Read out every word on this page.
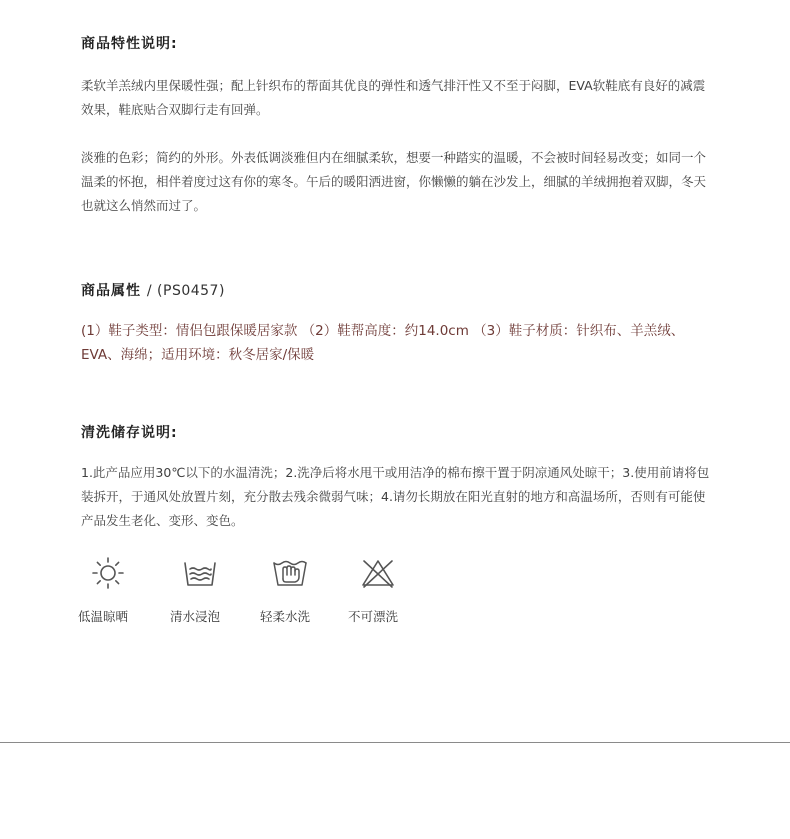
商品特性说明:

柔软羊羔绒内里保暖性强；配上针织布的帮面其优良的弹性和透气排汗性又不至于闷脚，EVA软鞋底有良好的减震效果，鞋底贴合双脚行走有回弹。

淡雅的色彩；简约的外形。外表低调淡雅但内在细腻柔软，想要一种踏实的温暖，不会被时间轻易改变；如同一个温柔的怀抱，相伴着度过这有你的寒冬。午后的暖阳洒进窗，你懒懒的躺在沙发上，细腻的羊绒拥抱着双脚，冬天也就这么悄然而过了。

商品属性 / (PS0457)

(1）鞋子类型：情侣包跟保暖居家款 （2）鞋帮高度：约14.0cm （3）鞋子材质：针织布、羊羔绒、EVA、海绵；适用环境：秋冬居家/保暖

清洗储存说明:

1.此产品应用30℃以下的水温清洗；2.洗净后将水甩干或用洁净的棉布擦干置于阴凉通风处晾干；3.使用前请将包装拆开，于通风处放置片刻，充分散去残余微弱气味；4.请勿长期放在阳光直射的地方和高温场所，否则有可能使产品发生老化、变形、变色。

低温晾晒	清水浸泡	轻柔水洗	不可漂洗
